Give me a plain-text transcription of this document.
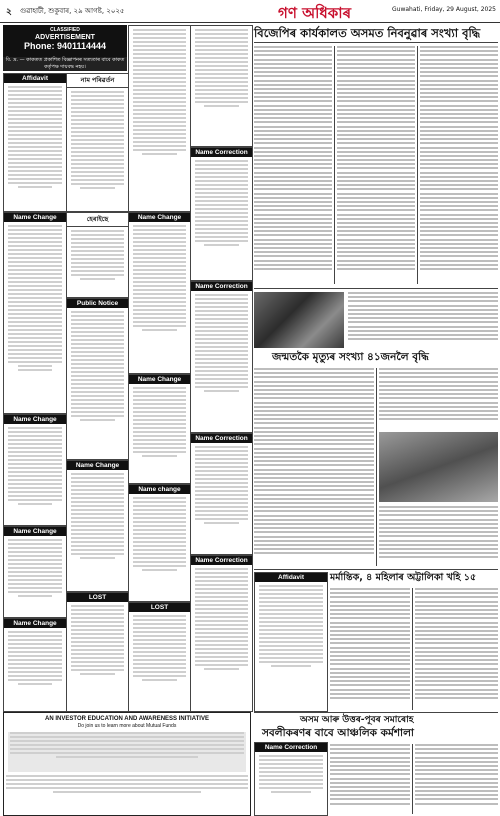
২ গুৱাহাটী, শুকুবাৰ, ২৯ আগষ্ট, ২০২৫	গণ অধিকাৰ	Guwahati, Friday, 29 August, 2025
CLASSIFIED
ADVERTISEMENT
Phone: 9401114444
বি. দ্ৰ. — কাকতত প্ৰকাশিত বিজ্ঞাপনৰ সত্যতাৰ বাবে কাকত কৰ্তৃপক্ষ দায়বদ্ধ নহয়।
Affidavit
Name Change
Name Change
Name Change
Name Change
নাম পৰিৱৰ্তন
হেৰাইছে
Public Notice
Name Change
LOST
Name Change
Name Change
Name change
LOST
Name Correction
Name Correction
Name Correction
Name Correction
AN INVESTOR EDUCATION AND AWARENESS INITIATIVE
Do join us to learn more about Mutual Funds
বিজেপিৰ কাৰ্যকালত অসমত নিবনুৱাৰ সংখ্যা বৃদ্ধি
জন্মতকৈ মৃত্যুৰ সংখ্যা ৪১জনলৈ বৃদ্ধি
মৰ্মান্তিক, ৪ মহিলাৰ অট্টালিকা খহি ১৫
Affidavit
অসম আৰু উত্তৰ-পূবৰ সমাৰোহ
সবলীকৰণৰ বাবে আঞ্চলিক কৰ্মশালা
Name Correction
